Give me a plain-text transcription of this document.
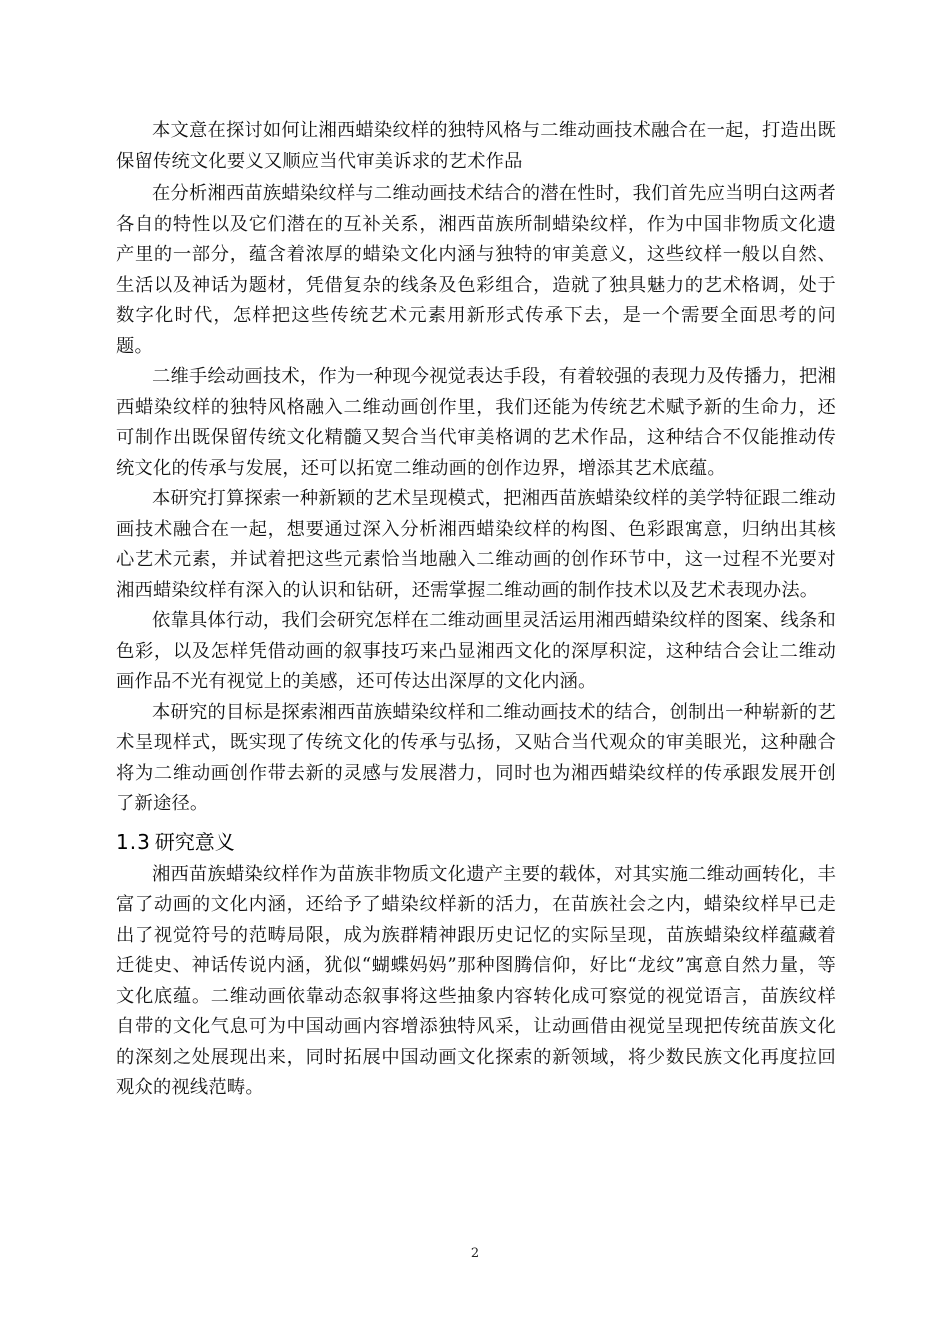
本文意在探讨如何让湘西蜡染纹样的独特风格与二维动画技术融合在一起，打造出既保留传统文化要义又顺应当代审美诉求的艺术作品

在分析湘西苗族蜡染纹样与二维动画技术结合的潜在性时，我们首先应当明白这两者各自的特性以及它们潜在的互补关系，湘西苗族所制蜡染纹样，作为中国非物质文化遗产里的一部分，蕴含着浓厚的蜡染文化内涵与独特的审美意义，这些纹样一般以自然、生活以及神话为题材，凭借复杂的线条及色彩组合，造就了独具魅力的艺术格调，处于数字化时代，怎样把这些传统艺术元素用新形式传承下去，是一个需要全面思考的问题。

二维手绘动画技术，作为一种现今视觉表达手段，有着较强的表现力及传播力，把湘西蜡染纹样的独特风格融入二维动画创作里，我们还能为传统艺术赋予新的生命力，还可制作出既保留传统文化精髓又契合当代审美格调的艺术作品，这种结合不仅能推动传统文化的传承与发展，还可以拓宽二维动画的创作边界，增添其艺术底蕴。

本研究打算探索一种新颖的艺术呈现模式，把湘西苗族蜡染纹样的美学特征跟二维动画技术融合在一起，想要通过深入分析湘西蜡染纹样的构图、色彩跟寓意，归纳出其核心艺术元素，并试着把这些元素恰当地融入二维动画的创作环节中，这一过程不光要对湘西蜡染纹样有深入的认识和钻研，还需掌握二维动画的制作技术以及艺术表现办法。

依靠具体行动，我们会研究怎样在二维动画里灵活运用湘西蜡染纹样的图案、线条和色彩，以及怎样凭借动画的叙事技巧来凸显湘西文化的深厚积淀，这种结合会让二维动画作品不光有视觉上的美感，还可传达出深厚的文化内涵。

本研究的目标是探索湘西苗族蜡染纹样和二维动画技术的结合，创制出一种崭新的艺术呈现样式，既实现了传统文化的传承与弘扬，又贴合当代观众的审美眼光，这种融合将为二维动画创作带去新的灵感与发展潜力，同时也为湘西蜡染纹样的传承跟发展开创了新途径。

1.3 研究意义

湘西苗族蜡染纹样作为苗族非物质文化遗产主要的载体，对其实施二维动画转化，丰富了动画的文化内涵，还给予了蜡染纹样新的活力，在苗族社会之内，蜡染纹样早已走出了视觉符号的范畴局限，成为族群精神跟历史记忆的实际呈现，苗族蜡染纹样蕴藏着迁徙史、神话传说内涵，犹似“蝴蝶妈妈”那种图腾信仰，好比“龙纹”寓意自然力量，等文化底蕴。二维动画依靠动态叙事将这些抽象内容转化成可察觉的视觉语言，苗族纹样自带的文化气息可为中国动画内容增添独特风采，让动画借由视觉呈现把传统苗族文化的深刻之处展现出来，同时拓展中国动画文化探索的新领域，将少数民族文化再度拉回观众的视线范畴。

2
